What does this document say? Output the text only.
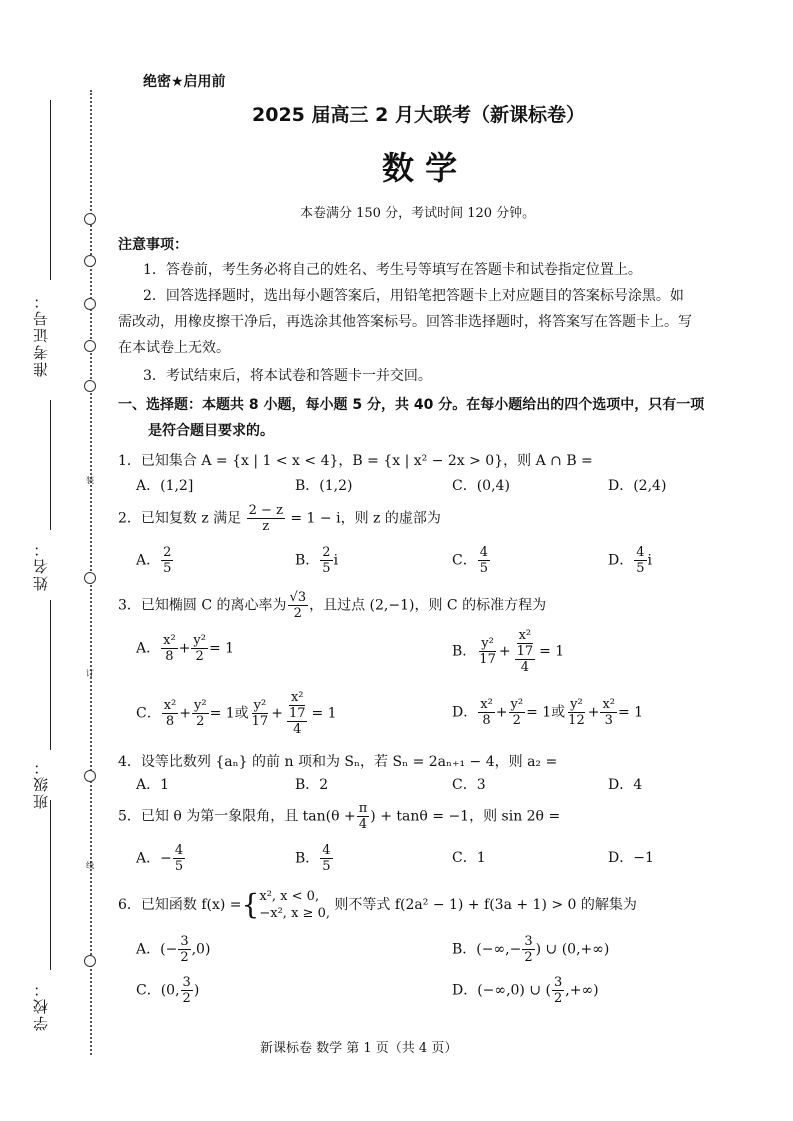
装
订
线
准考证号：
姓名：
班级：
学校：
绝密★启用前
2025 届高三 2 月大联考（新课标卷）
数 学
本卷满分 150 分，考试时间 120 分钟。
注意事项：
1．答卷前，考生务必将自己的姓名、考生号等填写在答题卡和试卷指定位置上。
2．回答选择题时，选出每小题答案后，用铅笔把答题卡上对应题目的答案标号涂黑。如
需改动，用橡皮擦干净后，再选涂其他答案标号。回答非选择题时，将答案写在答题卡上。写
在本试卷上无效。
3．考试结束后，将本试卷和答题卡一并交回。
一、选择题：本题共 8 小题，每小题 5 分，共 40 分。在每小题给出的四个选项中，只有一项
是符合题目要求的。
1．已知集合 A = {x | 1 < x < 4}，B = {x | x² − 2x > 0}，则 A ∩ B =
A．(1,2]	B．(1,2)	C．(0,4)	D．(2,4)
2．已知复数 z 满足 $\frac{2 - z}{z} = 1 - i$，则 z 的虚部为
A． $\frac{2}{5}$	B． $\frac{2}{5}$ i	C． $\frac{4}{5}$	D． $\frac{4}{5}$ i
3．已知椭圆 C 的离心率为 $\frac{√3}{2}$ ，且过点 (2,−1)，则 C 的标准方程为
A． $\frac{\text{x²}}{8} + \frac{\text{y²}}{2} = 1$	B． $\frac{\text{y²}}{17} + \frac{\text{x²}}{\frac{17}{4}} = 1$
C． $\frac{\text{x²}}{8} + \frac{\text{y²}}{2} = 1$或 $\frac{\text{y²}}{17} + \frac{\text{x²}}{\frac{17}{4}} = 1$	D． $\frac{\text{x²}}{8} + \frac{\text{y²}}{2} = 1$或 $\frac{\text{y²}}{12} + \frac{\text{x²}}{3} = 1$
4．设等比数列 {aₙ} 的前 n 项和为 Sₙ，若 Sₙ = 2aₙ₊₁ − 4，则 a₂ =
A．1	B．2	C．3	D．4
5．已知 θ 为第一象限角，且 $\tan(\theta + \frac{\pi}{4}$ ) + tanθ = −1，则 sin 2θ =
A．− $\frac{4}{5}$	B． $\frac{4}{5}$	C．1	D．−1
6．已知函数 f(x) ={ x², x < 0,
−x², x ≥ 0,
则不等式 f(2a² − 1) + f(3a + 1) > 0 的解集为
A．(− $\frac{3}{2} ,0$)	B．(−∞,− $\frac{3}{2}$ ) ∪ (0,+∞)
C．(0, $\frac{3}{2}$ )	D．(−∞,0) ∪ ( $\frac{3}{2}$ ,+∞)
新课标卷 数学 第 1 页（共 4 页）
